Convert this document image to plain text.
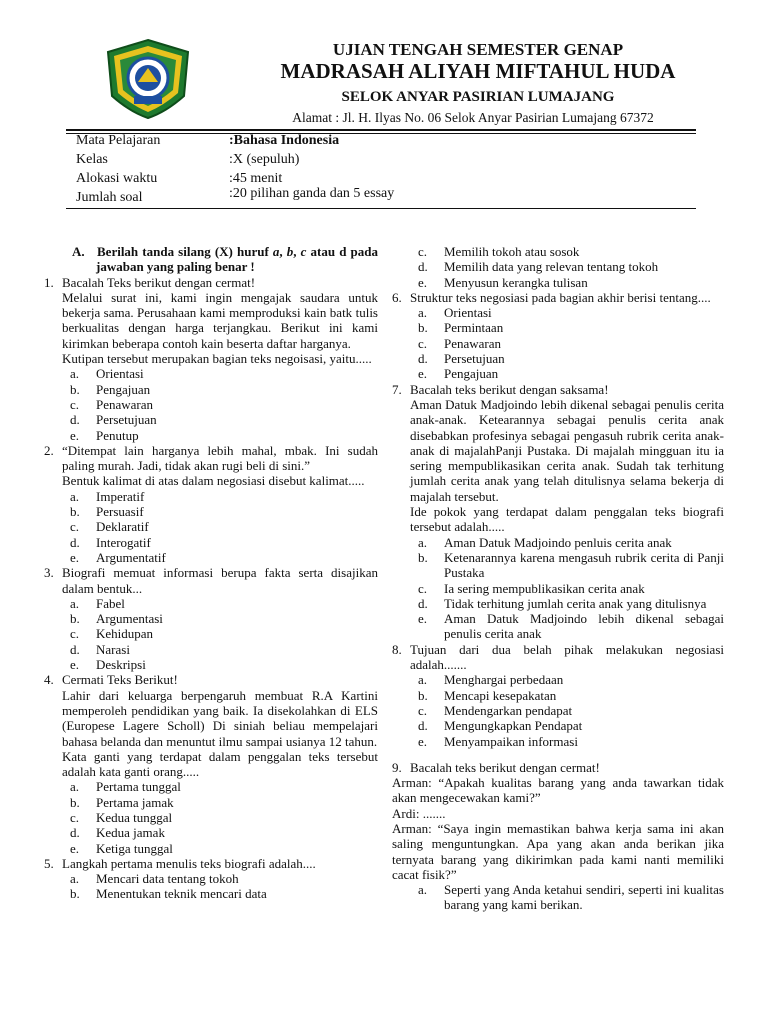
UJIAN TENGAH SEMESTER GENAP
MADRASAH ALIYAH MIFTAHUL HUDA
SELOK ANYAR PASIRIAN LUMAJANG
Alamat : Jl. H. Ilyas No. 06 Selok Anyar Pasirian Lumajang 67372
Mata Pelajaran	:Bahasa Indonesia
Kelas	:X (sepuluh)
Alokasi waktu	:45 menit
Jumlah soal	:20 pilihan ganda dan 5 essay
A. Berilah tanda silang (X) huruf a, b, c atau d pada jawaban yang paling benar !
1. Bacalah Teks berikut dengan cermat!
Melalui surat ini, kami ingin mengajak saudara untuk bekerja sama. Perusahaan kami memproduksi kain batk tulis berkualitas dengan harga terjangkau. Berikut ini kami kirimkan beberapa contoh kain beserta daftar harganya.
Kutipan tersebut merupakan bagian teks negoisasi, yaitu.....
a. Orientasi
b. Pengajuan
c. Penawaran
d. Persetujuan
e. Penutup
2. “Ditempat lain harganya lebih mahal, mbak. Ini sudah paling murah. Jadi, tidak akan rugi beli di sini.”
Bentuk kalimat di atas dalam negosiasi disebut kalimat.....
a. Imperatif
b. Persuasif
c. Deklaratif
d. Interogatif
e. Argumentatif
3. Biografi memuat informasi berupa fakta serta disajikan dalam bentuk...
a. Fabel
b. Argumentasi
c. Kehidupan
d. Narasi
e. Deskripsi
4. Cermati Teks Berikut!
Lahir dari keluarga berpengaruh membuat R.A Kartini memperoleh pendidikan yang baik. Ia disekolahkan di ELS (Europese Lagere Scholl) Di siniah beliau mempelajari bahasa belanda dan menuntut ilmu sampai usianya 12 tahun.
Kata ganti yang terdapat dalam penggalan teks tersebut adalah kata ganti orang.....
a. Pertama tunggal
b. Pertama jamak
c. Kedua tunggal
d. Kedua jamak
e. Ketiga tunggal
5. Langkah pertama menulis teks biografi adalah....
a. Mencari data tentang tokoh
b. Menentukan teknik mencari data
c. Memilih tokoh atau sosok
d. Memilih data yang relevan tentang tokoh
e. Menyusun kerangka tulisan
6. Struktur teks negosiasi pada bagian akhir berisi tentang....
a. Orientasi
b. Permintaan
c. Penawaran
d. Persetujuan
e. Pengajuan
7. Bacalah teks berikut dengan saksama!
Aman Datuk Madjoindo lebih dikenal sebagai penulis cerita anak-anak. Ketearannya sebagai penulis cerita anak disebabkan profesinya sebagai pengasuh rubrik cerita anak-anak di majalahPanji Pustaka. Di majalah mingguan itu ia sering mempublikasikan cerita anak. Sudah tak terhitung jumlah cerita anak yang telah ditulisnya selama bekerja di majalah tersebut.
Ide pokok yang terdapat dalam penggalan teks biografi tersebut adalah.....
a. Aman Datuk Madjoindo penluis cerita anak
b. Ketenarannya karena mengasuh rubrik cerita di Panji Pustaka
c. Ia sering mempublikasikan cerita anak
d. Tidak terhitung jumlah cerita anak yang ditulisnya
e. Aman Datuk Madjoindo lebih dikenal sebagai penulis cerita anak
8. Tujuan dari dua belah pihak melakukan negosiasi adalah.......
a. Menghargai perbedaan
b. Mencapi kesepakatan
c. Mendengarkan pendapat
d. Mengungkapkan Pendapat
e. Menyampaikan informasi
9. Bacalah teks berikut dengan cermat!
Arman: “Apakah kualitas barang yang anda tawarkan tidak akan mengecewakan kami?”
Ardi: .......
Arman: “Saya ingin memastikan bahwa kerja sama ini akan saling menguntungkan. Apa yang akan anda berikan jika ternyata barang yang dikirimkan pada kami nanti memiliki cacat fisik?”
a. Seperti yang Anda ketahui sendiri, seperti ini kualitas barang yang kami berikan.
